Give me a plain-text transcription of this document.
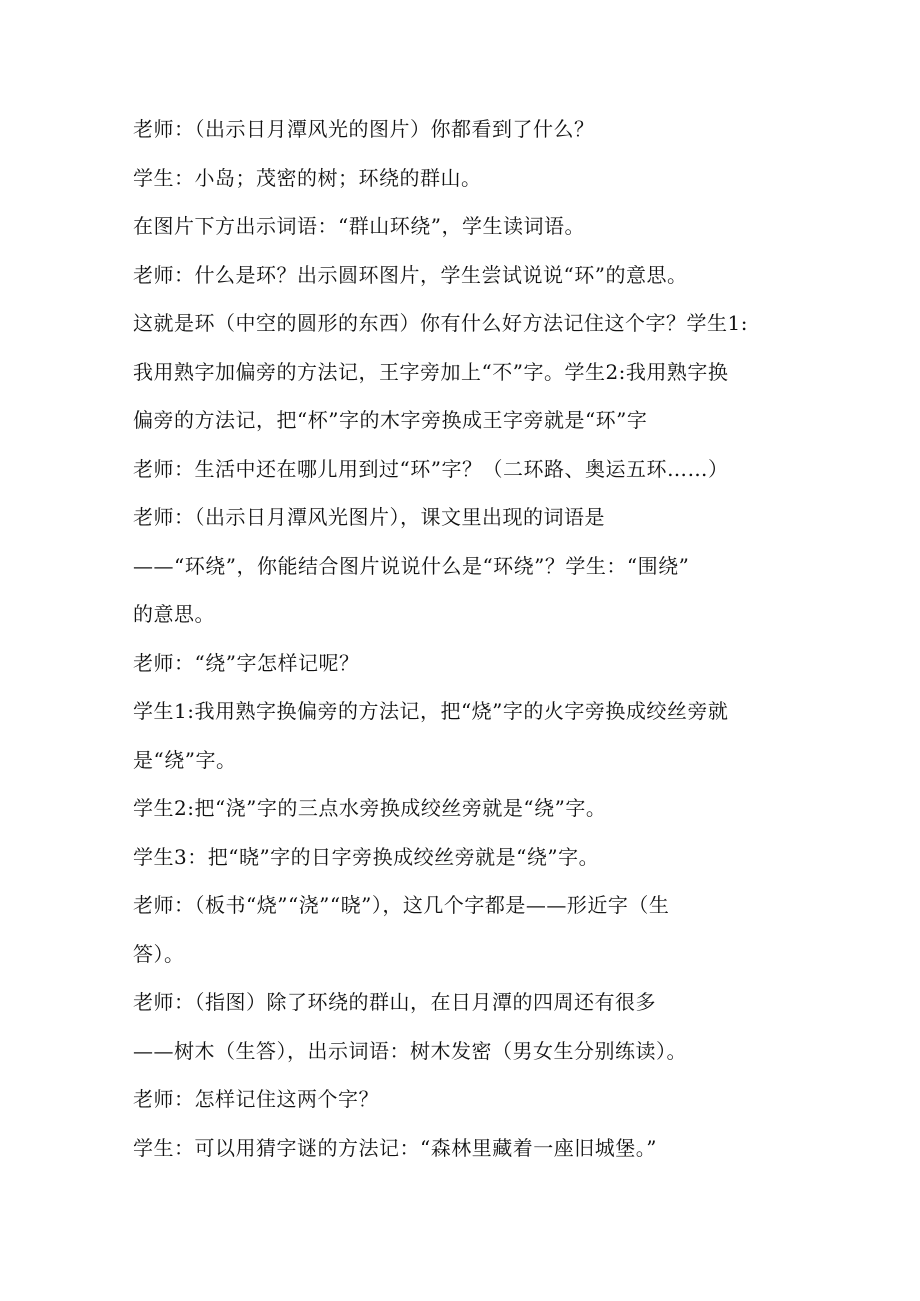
老师：（出示日月潭风光的图片）你都看到了什么？
学生：小岛；茂密的树；环绕的群山。
在图片下方出示词语：“群山环绕”，学生读词语。
老师：什么是环？出示圆环图片，学生尝试说说“环”的意思。
这就是环（中空的圆形的东西）你有什么好方法记住这个字？学生1:
我用熟字加偏旁的方法记，王字旁加上“不”字。学生2:我用熟字换
偏旁的方法记，把“杯”字的木字旁换成王字旁就是“环”字
老师：生活中还在哪儿用到过“环”字？（二环路、奥运五环……）
老师：（出示日月潭风光图片），课文里出现的词语是
——“环绕”，你能结合图片说说什么是“环绕”？学生：“围绕”
的意思。
老师：“绕”字怎样记呢？
学生1:我用熟字换偏旁的方法记，把“烧”字的火字旁换成绞丝旁就
是“绕”字。
学生2:把“浇”字的三点水旁换成绞丝旁就是“绕”字。
学生3：把“晓”字的日字旁换成绞丝旁就是“绕”字。
老师：（板书“烧”“浇”“晓”），这几个字都是——形近字（生
答）。
老师：（指图）除了环绕的群山，在日月潭的四周还有很多
——树木（生答），出示词语：树木发密（男女生分别练读）。
老师：怎样记住这两个字？
学生：可以用猜字谜的方法记：“森林里藏着一座旧城堡。”
